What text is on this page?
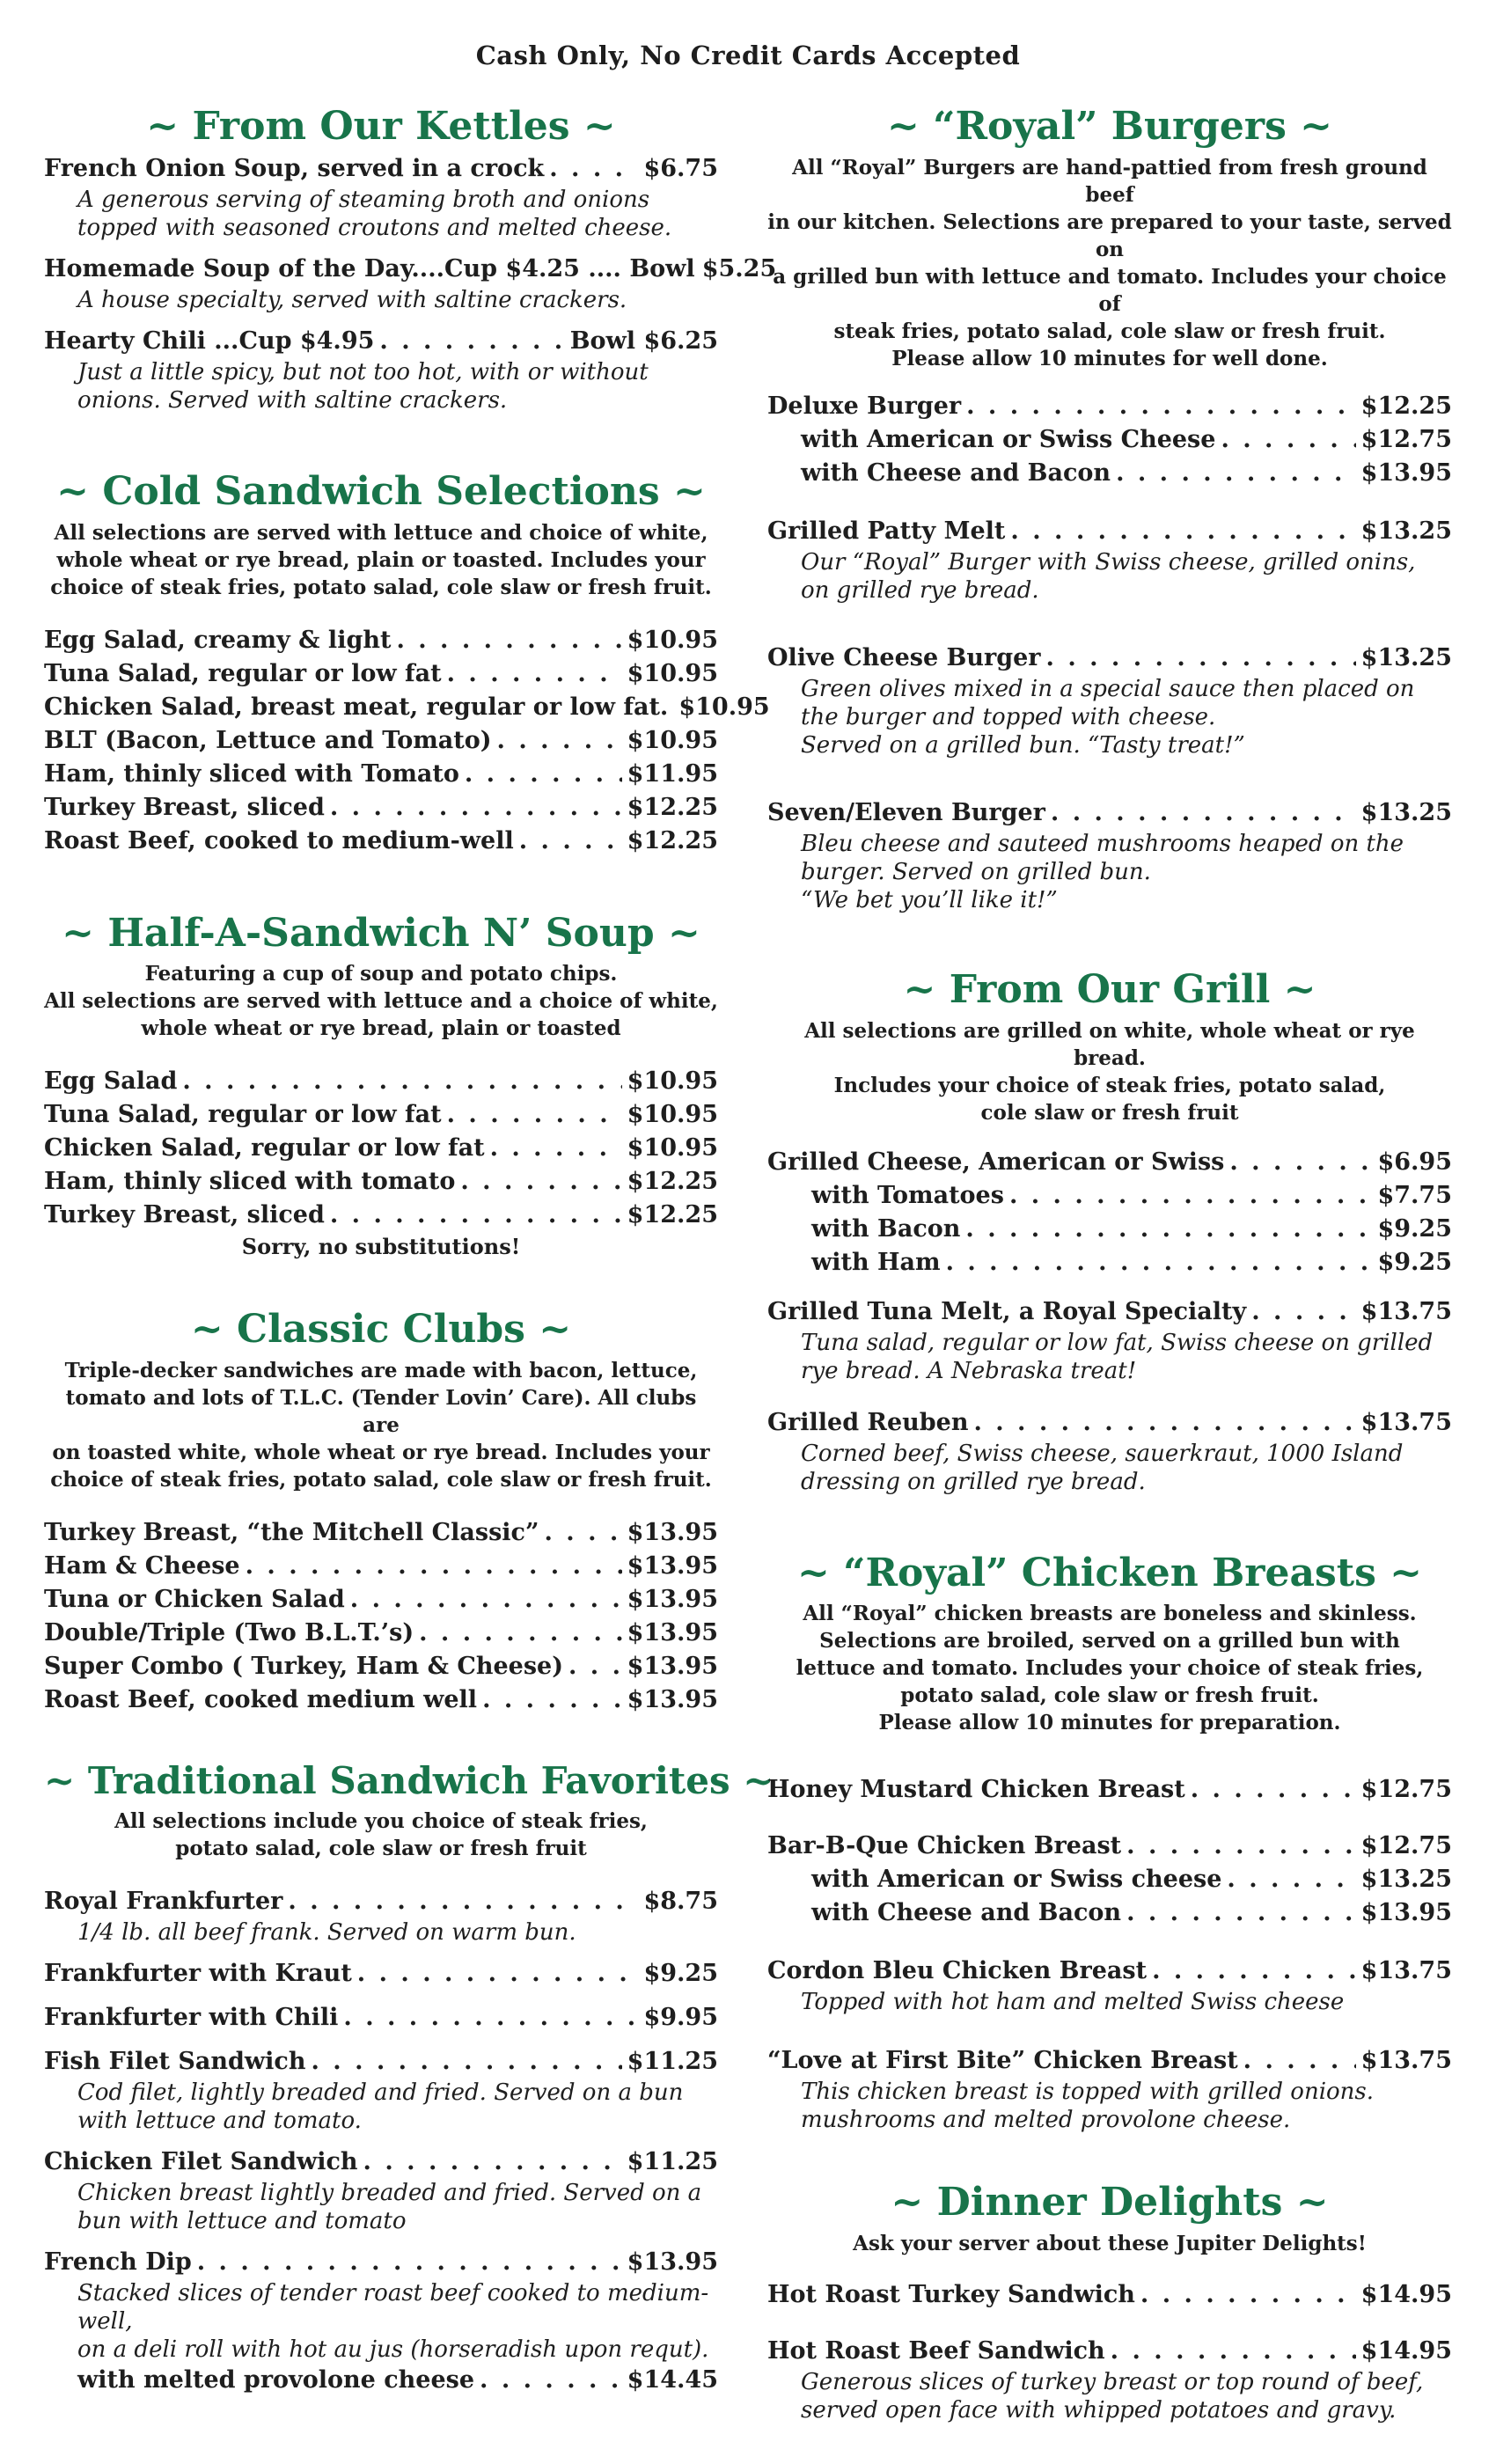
Cash Only, No Credit Cards Accepted
~ From Our Kettles ~
French Onion Soup, served in a crock . . .	$6.75
A generous serving of steaming broth and onions
topped with seasoned croutons and melted cheese.
Homemade Soup of the Day....Cup $4.25 .... Bowl $5.25
A house specialty, served with saltine crackers.
Hearty Chili ...Cup $4.95 . . .	Bowl $6.25
Just a little spicy, but not too hot, with or without
onions. Served with saltine crackers.
~ Cold Sandwich Selections ~

All selections are served with lettuce and choice of white,
whole wheat or rye bread, plain or toasted. Includes your
choice of steak fries, potato salad, cole slaw or fresh fruit.

Egg Salad, creamy & light . . .	$10.95
Tuna Salad, regular or low fat . . .	$10.95
Chicken Salad, breast meat, regular or low fat. $10.95
BLT (Bacon, Lettuce and Tomato) . . .	$10.95
Ham, thinly sliced with Tomato . . .	$11.95
Turkey Breast, sliced . . .	$12.25
Roast Beef, cooked to medium-well . . .	$12.25
~ Half-A-Sandwich N’ Soup ~

Featuring a cup of soup and potato chips.
All selections are served with lettuce and a choice of white,
whole wheat or rye bread, plain or toasted

Egg Salad . . .	$10.95
Tuna Salad, regular or low fat . . .	$10.95
Chicken Salad, regular or low fat . . .	$10.95
Ham, thinly sliced with tomato . . .	$12.25
Turkey Breast, sliced . . .	$12.25
Sorry, no substitutions!
~ Classic Clubs ~

Triple-decker sandwiches are made with bacon, lettuce,
tomato and lots of T.L.C. (Tender Lovin’ Care). All clubs are
on toasted white, whole wheat or rye bread. Includes your
choice of steak fries, potato salad, cole slaw or fresh fruit.

Turkey Breast, “the Mitchell Classic” . . .	$13.95
Ham & Cheese . . .	$13.95
Tuna or Chicken Salad . . .	$13.95
Double/Triple (Two B.L.T.’s) . . .	$13.95
Super Combo ( Turkey, Ham & Cheese) . . .	$13.95
Roast Beef, cooked medium well . . .	$13.95
~ Traditional Sandwich Favorites ~

All selections include you choice of steak fries,
potato salad, cole slaw or fresh fruit

Royal Frankfurter . . .	$8.75
1/4 lb. all beef frank. Served on warm bun.
Frankfurter with Kraut . . .	$9.25
Frankfurter with Chili . . .	$9.95
Fish Filet Sandwich . . .	$11.25
Cod filet, lightly breaded and fried. Served on a bun
with lettuce and tomato.
Chicken Filet Sandwich . . .	$11.25
Chicken breast lightly breaded and fried. Served on a
bun with lettuce and tomato
French Dip . . .	$13.95
Stacked slices of tender roast beef cooked to medium-well,
on a deli roll with hot au jus (horseradish upon requt).
with melted provolone cheese . . .	$14.45
~ “Royal” Burgers ~

All “Royal” Burgers are hand-pattied from fresh ground beef
in our kitchen. Selections are prepared to your taste, served on
a grilled bun with lettuce and tomato. Includes your choice of
steak fries, potato salad, cole slaw or fresh fruit.
Please allow 10 minutes for well done.

Deluxe Burger . . .	$12.25
with American or Swiss Cheese . . .	$12.75
with Cheese and Bacon . . .	$13.95
Grilled Patty Melt . . .	$13.25
Our “Royal” Burger with Swiss cheese, grilled onins,
on grilled rye bread.
Olive Cheese Burger . . .	$13.25
Green olives mixed in a special sauce then placed on
the burger and topped with cheese.
Served on a grilled bun. “Tasty treat!”
Seven/Eleven Burger . . .	$13.25
Bleu cheese and sauteed mushrooms heaped on the
burger. Served on grilled bun.
“We bet you’ll like it!”
~ From Our Grill ~

All selections are grilled on white, whole wheat or rye bread.
Includes your choice of steak fries, potato salad,
cole slaw or fresh fruit

Grilled Cheese, American or Swiss . . .	$6.95
with Tomatoes . . .	$7.75
with Bacon . . .	$9.25
with Ham . . .	$9.25
Grilled Tuna Melt, a Royal Specialty . . .	$13.75
Tuna salad, regular or low fat, Swiss cheese on grilled
rye bread. A Nebraska treat!
Grilled Reuben . . .	$13.75
Corned beef, Swiss cheese, sauerkraut, 1000 Island
dressing on grilled rye bread.
~ “Royal” Chicken Breasts ~

All “Royal” chicken breasts are boneless and skinless.
Selections are broiled, served on a grilled bun with
lettuce and tomato. Includes your choice of steak fries,
potato salad, cole slaw or fresh fruit.
Please allow 10 minutes for preparation.

Honey Mustard Chicken Breast . . .	$12.75
Bar-B-Que Chicken Breast . . .	$12.75
with American or Swiss cheese . . .	$13.25
with Cheese and Bacon . . .	$13.95
Cordon Bleu Chicken Breast . . .	$13.75
Topped with hot ham and melted Swiss cheese
“Love at First Bite” Chicken Breast . . .	$13.75
This chicken breast is topped with grilled onions.
mushrooms and melted provolone cheese.
~ Dinner Delights ~

Ask your server about these Jupiter Delights!

Hot Roast Turkey Sandwich . . .	$14.95
Hot Roast Beef Sandwich . . .	$14.95
Generous slices of turkey breast or top round of beef,
served open face with whipped potatoes and gravy.
